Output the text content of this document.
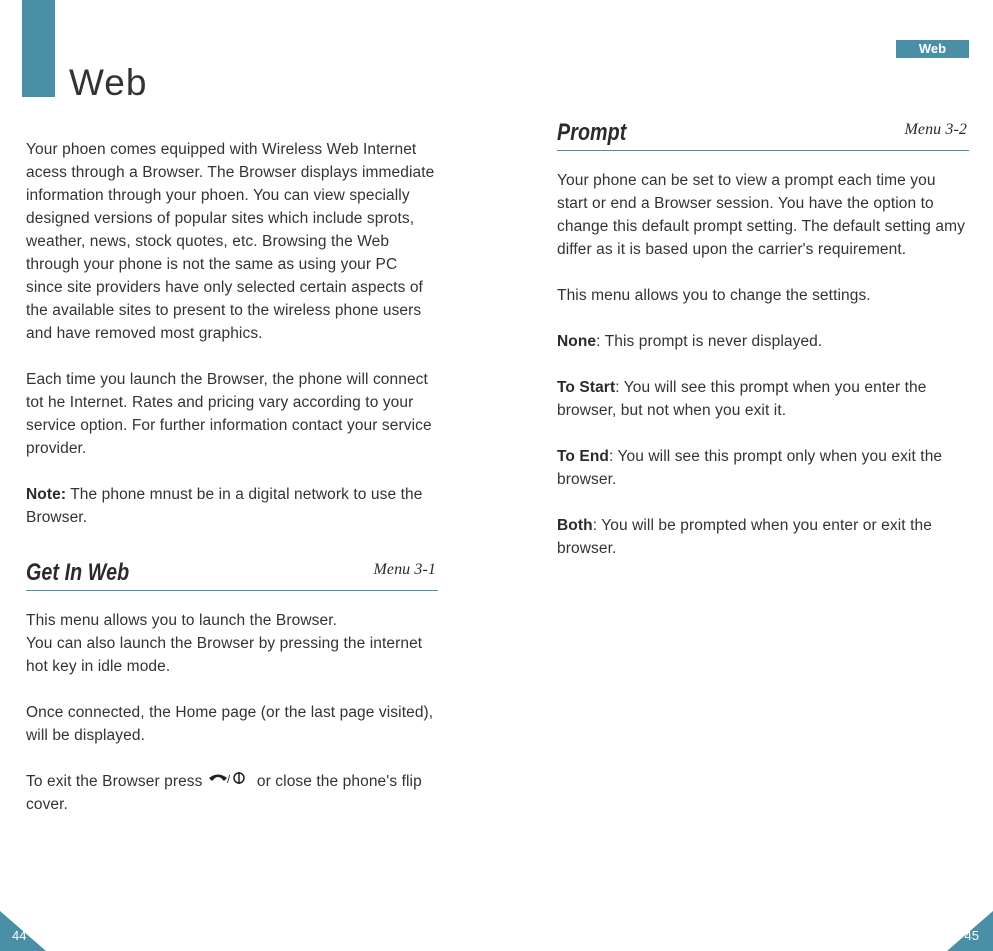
Web
Web

Your phoen comes equipped with Wireless Web Internet acess through a Browser. The Browser displays immediate information through your phoen. You can view specially designed versions of popular sites which include sprots, weather, news, stock quotes, etc. Browsing the Web through your phone is not the same as using your PC since site providers have only selected certain aspects of the available sites to present to the wireless phone users and have removed most graphics.

Each time you launch the Browser, the phone will connect tot he Internet. Rates and pricing vary according to your service option. For further information contact your service provider.

Note: The phone mnust be in a digital network to use the Browser.

Get In Web	Menu 3-1

This menu allows you to launch the Browser.
You can also launch the Browser by pressing the internet hot key in idle mode.

Once connected, the Home page (or the last page visited), will be displayed.

To exit the Browser press / or close the phone's flip cover.

Prompt	Menu 3-2

Your phone can be set to view a prompt each time you start or end a Browser session. You have the option to change this default prompt setting. The default setting amy differ as it is based upon the carrier's requirement.

This menu allows you to change the settings.

None: This prompt is never displayed.

To Start: You will see this prompt when you enter the browser, but not when you exit it.

To End: You will see this prompt only when you exit the browser.

Both: You will be prompted when you enter or exit the browser.

44	45
